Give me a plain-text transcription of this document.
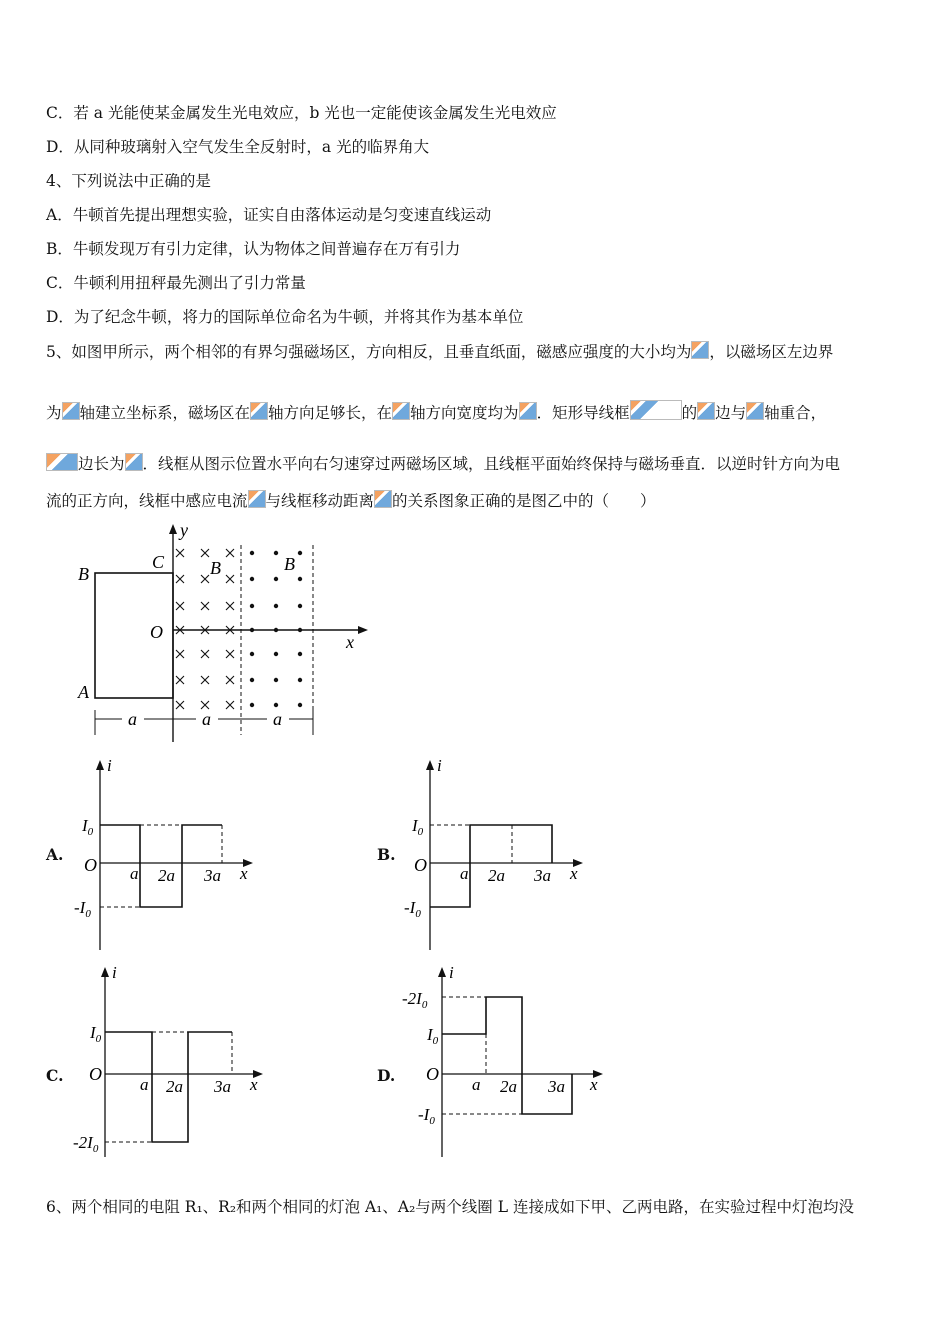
C．若 a 光能使某金属发生光电效应，b 光也一定能使该金属发生光电效应
D．从同种玻璃射入空气发生全反射时，a 光的临界角大
4、下列说法中正确的是
A．牛顿首先提出理想实验，证实自由落体运动是匀变速直线运动
B．牛顿发现万有引力定律，认为物体之间普遍存在万有引力
C．牛顿利用扭秤最先测出了引力常量
D．为了纪念牛顿，将力的国际单位命名为牛顿，并将其作为基本单位
5、如图甲所示，两个相邻的有界匀强磁场区，方向相反，且垂直纸面，磁感应强度的大小均为 ，以磁场区左边界
为 轴建立坐标系，磁场区在 轴方向足够长，在 轴方向宽度均为 ．矩形导线框	的 边与 轴重合，
边长为 ．线框从图示位置水平向右匀速穿过两磁场区域，且线框平面始终保持与磁场垂直．以逆时针方向为电
流的正方向，线框中感应电流 与线框移动距离 的关系图象正确的是图乙中的（　　）
B
C
A
O
y
x
B	B
a	a	a
A.
i
x
O
$I_0$
$-I_0$
a 2a 3a
B.
i
x
O
$I_0$
$-I_0$
a 2a 3a
C.
i
x
O
$I_0$
$-2I_0$
a 2a 3a
D.
i
x
O
$-2I_0$
$I_0$
$-I_0$
a 2a 3a
6、两个相同的电阻 R₁、R₂和两个相同的灯泡 A₁、A₂与两个线圈 L 连接成如下甲、乙两电路，在实验过程中灯泡均没
